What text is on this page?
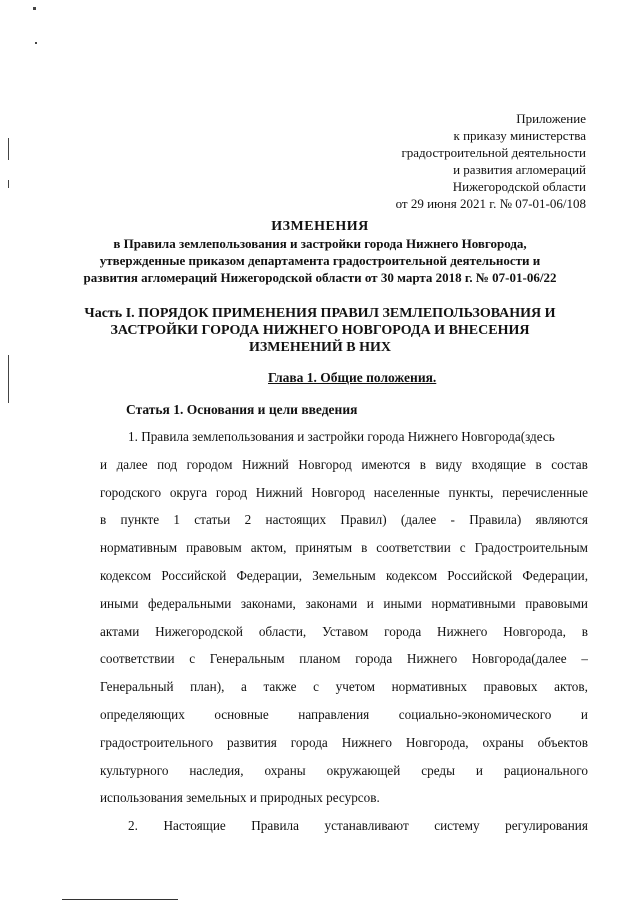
Приложение
к приказу министерства
градостроительной деятельности
и развития агломераций
Нижегородской области
от 29 июня 2021 г. № 07-01-06/108
ИЗМЕНЕНИЯ
в Правила землепользования и застройки города Нижнего Новгорода,
утвержденные приказом департамента градостроительной деятельности и
развития агломераций Нижегородской области от 30 марта 2018 г. № 07-01-06/22
Часть I. ПОРЯДОК ПРИМЕНЕНИЯ ПРАВИЛ ЗЕМЛЕПОЛЬЗОВАНИЯ И
ЗАСТРОЙКИ ГОРОДА НИЖНЕГО НОВГОРОДА И ВНЕСЕНИЯ
ИЗМЕНЕНИЙ В НИХ
Глава 1. Общие положения.
Статья 1. Основания и цели введения
1. Правила землепользования и застройки города Нижнего Новгорода(здесь
и далее под городом Нижний Новгород имеются в виду входящие в состав
городского округа город Нижний Новгород населенные пункты, перечисленные
в пункте 1 статьи 2 настоящих Правил) (далее - Правила) являются
нормативным правовым актом, принятым в соответствии с Градостроительным
кодексом Российской Федерации, Земельным кодексом Российской Федерации,
иными федеральными законами, законами и иными нормативными правовыми
актами Нижегородской области, Уставом города Нижнего Новгорода, в
соответствии с Генеральным планом города Нижнего Новгорода(далее –
Генеральный план), а также с учетом нормативных правовых актов,
определяющих основные направления социально-экономического и
градостроительного развития города Нижнего Новгорода, охраны объектов
культурного наследия, охраны окружающей среды и рационального
использования земельных и природных ресурсов.
2. Настоящие Правила устанавливают систему регулирования
